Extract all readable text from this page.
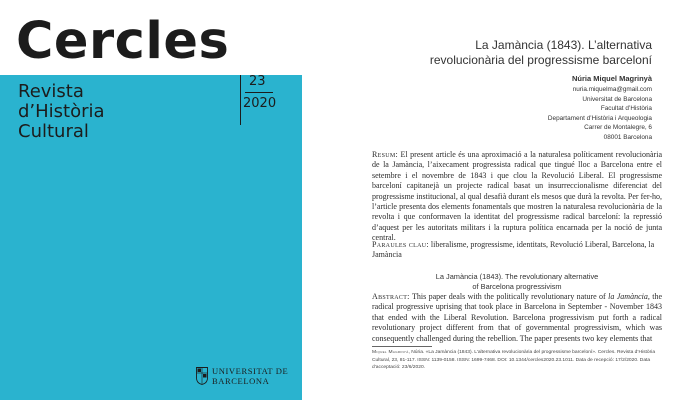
Cercles
Revista
d’Història
Cultural
23
2020
UNIVERSITAT DE
BARCELONA
La Jamància (1843). L’alternativa
revolucionària del progressisme barceloní
Núria Miquel Magrinyà
nuria.miquelma@gmail.com
Universitat de Barcelona
Facultat d’Història
Departament d’Història i Arqueologia
Carrer de Montalegre, 6
08001 Barcelona
Resum: El present article és una aproximació a la naturalesa políticament revolucionària de la Jamància, l’aixecament progressista radical que tingué lloc a Barcelona entre el setembre i el novembre de 1843 i que clou la Revolució Liberal. El progressisme barceloní capitanejà un projecte radical basat un insurreccionalisme diferenciat del progressisme institucional, al qual desafià durant els mesos que durà la revolta. Per fer-ho, l’article presenta dos elements fonamentals que mostren la naturalesa revolucionària de la revolta i que conformaven la identitat del progressisme radical barceloní: la repressió d’aquest per les autoritats militars i la ruptura política encarnada per la noció de junta central.
Paraules clau: liberalisme, progressisme, identitats, Revolució Liberal, Barcelona, la Jamància
La Jamància (1843). The revolutionary alternative
of Barcelona progressivism
Abstract: This paper deals with the politically revolutionary nature of la Jamància, the radical progressive uprising that took place in Barcelona in September - November 1843 that ended with the Liberal Revolution. Barcelona progressivism put forth a radical revolutionary project different from that of governmental progressivism, which was consequently challenged during the rebellion. The paper presents two key elements that
Miquel Magrinyà, Núria. «La Jamància (1843). L’alternativa revolucionària del progressisme barceloní». Cercles. Revista d’Història Cultural, 23, 81-117. ISSN: 1139-0158. ISSN: 1699-7468. DOI: 10.1344/cercles2020.23.1011. Data de recepció: 17/2/2020. Data d’acceptació: 23/6/2020.
